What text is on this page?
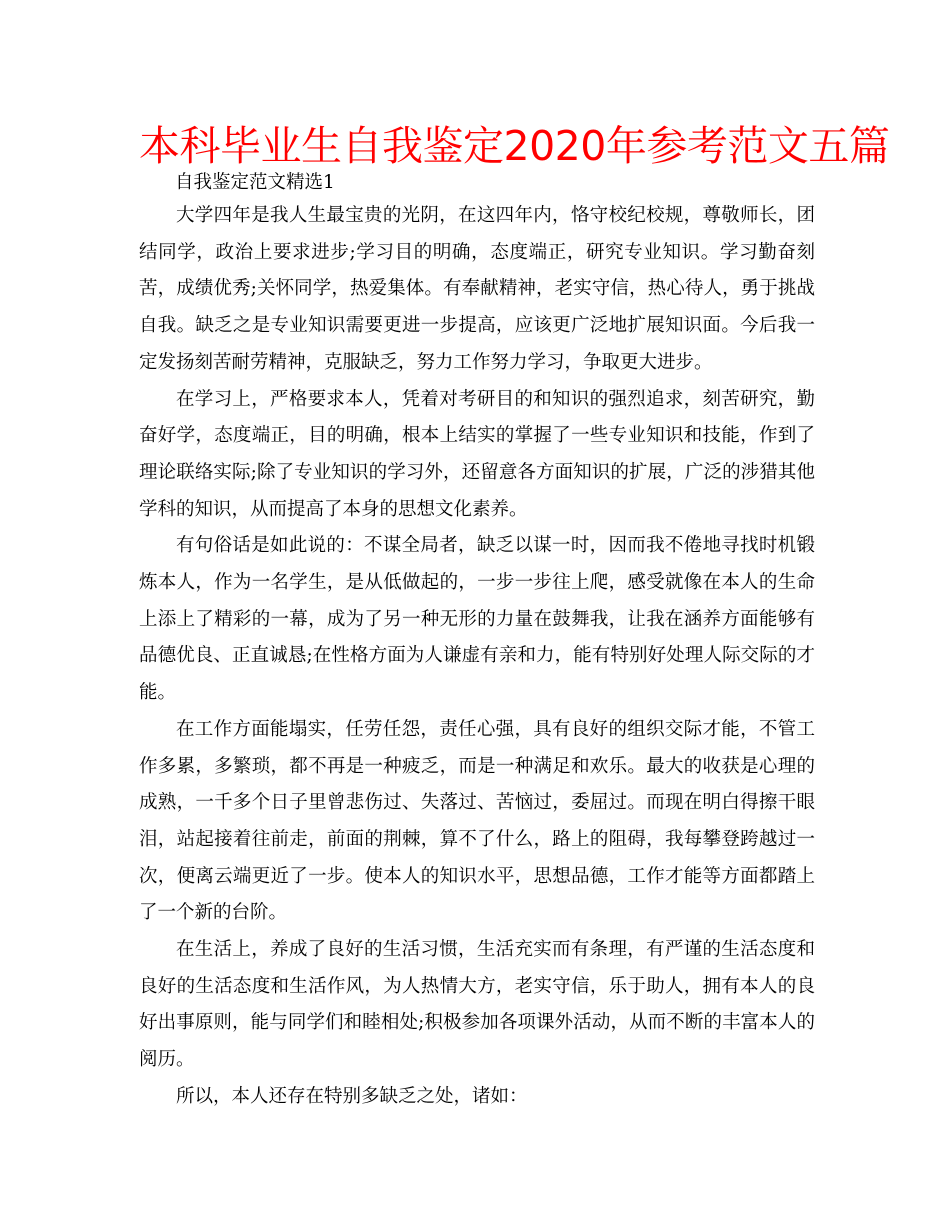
本科毕业生自我鉴定2020年参考范文五篇

自我鉴定范文精选1

大学四年是我人生最宝贵的光阴，在这四年内，恪守校纪校规，尊敬师长，团结同学，政治上要求进步;学习目的明确，态度端正，研究专业知识。学习勤奋刻苦，成绩优秀;关怀同学，热爱集体。有奉献精神，老实守信，热心待人，勇于挑战自我。缺乏之是专业知识需要更进一步提高，应该更广泛地扩展知识面。今后我一定发扬刻苦耐劳精神，克服缺乏，努力工作努力学习，争取更大进步。

在学习上，严格要求本人，凭着对考研目的和知识的强烈追求，刻苦研究，勤奋好学，态度端正，目的明确，根本上结实的掌握了一些专业知识和技能，作到了理论联络实际;除了专业知识的学习外，还留意各方面知识的扩展，广泛的涉猎其他学科的知识，从而提高了本身的思想文化素养。

有句俗话是如此说的：不谋全局者，缺乏以谋一时，因而我不倦地寻找时机锻炼本人，作为一名学生，是从低做起的，一步一步往上爬，感受就像在本人的生命上添上了精彩的一幕，成为了另一种无形的力量在鼓舞我，让我在涵养方面能够有品德优良、正直诚恳;在性格方面为人谦虚有亲和力，能有特别好处理人际交际的才能。

在工作方面能塌实，任劳任怨，责任心强，具有良好的组织交际才能，不管工作多累，多繁琐，都不再是一种疲乏，而是一种满足和欢乐。最大的收获是心理的成熟，一千多个日子里曾悲伤过、失落过、苦恼过，委屈过。而现在明白得擦干眼泪，站起接着往前走，前面的荆棘，算不了什么，路上的阻碍，我每攀登跨越过一次，便离云端更近了一步。使本人的知识水平，思想品德，工作才能等方面都踏上了一个新的台阶。

在生活上，养成了良好的生活习惯，生活充实而有条理，有严谨的生活态度和良好的生活态度和生活作风，为人热情大方，老实守信，乐于助人，拥有本人的良好出事原则，能与同学们和睦相处;积极参加各项课外活动，从而不断的丰富本人的阅历。

所以，本人还存在特别多缺乏之处，诸如：
